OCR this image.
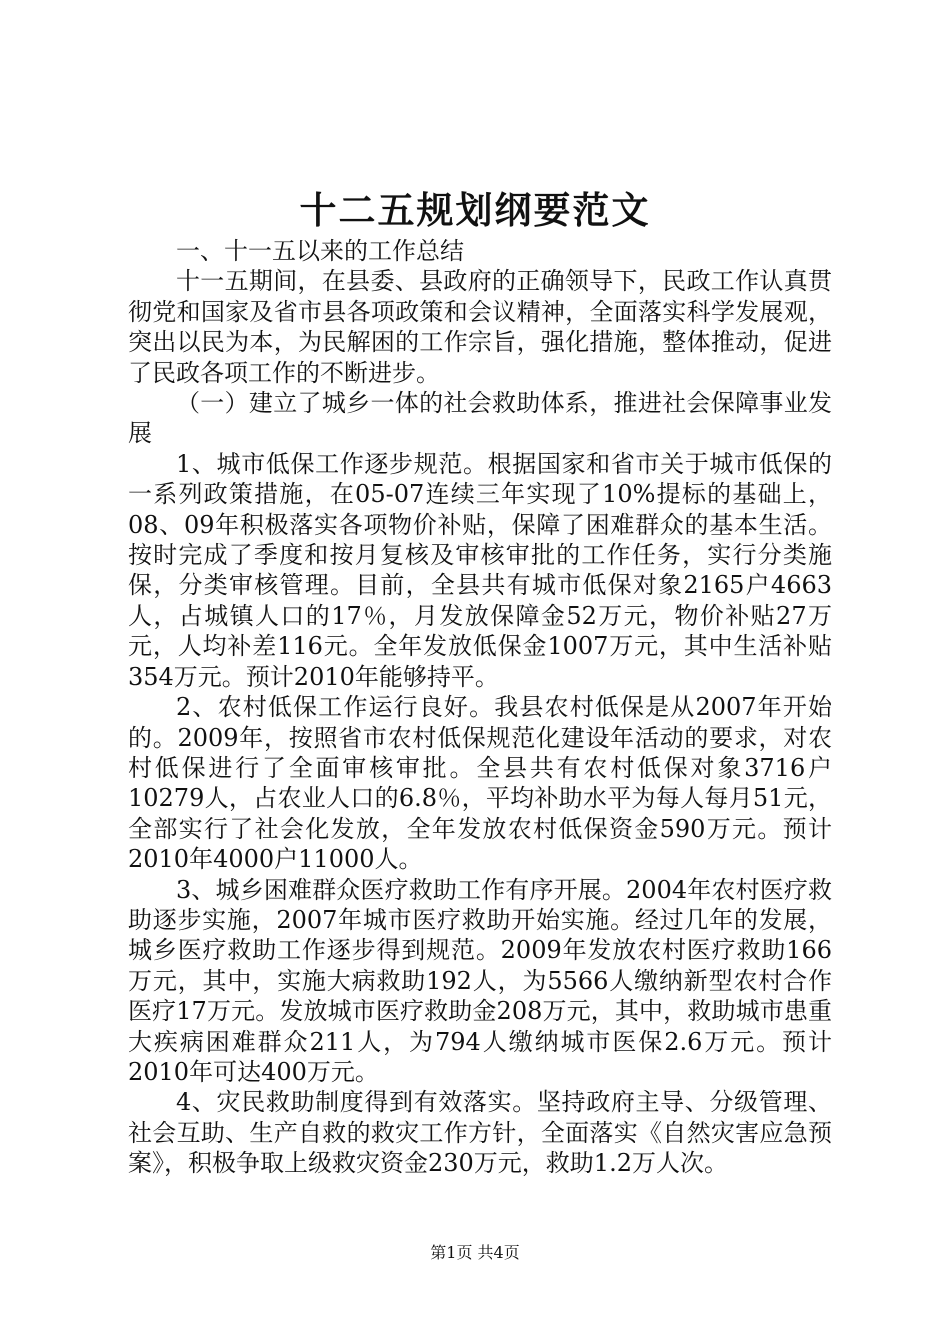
十二五规划纲要范文

一、十一五以来的工作总结

十一五期间，在县委、县政府的正确领导下，民政工作认真贯彻党和国家及省市县各项政策和会议精神，全面落实科学发展观，突出以民为本，为民解困的工作宗旨，强化措施，整体推动，促进了民政各项工作的不断进步。

（一）建立了城乡一体的社会救助体系，推进社会保障事业发展

1、城市低保工作逐步规范。根据国家和省市关于城市低保的一系列政策措施，在05-07连续三年实现了10%提标的基础上，08、09年积极落实各项物价补贴，保障了困难群众的基本生活。按时完成了季度和按月复核及审核审批的工作任务，实行分类施保，分类审核管理。目前，全县共有城市低保对象2165户4663人，占城镇人口的17％，月发放保障金52万元，物价补贴27万元，人均补差116元。全年发放低保金1007万元，其中生活补贴354万元。预计2010年能够持平。

2、农村低保工作运行良好。我县农村低保是从2007年开始的。2009年，按照省市农村低保规范化建设年活动的要求，对农村低保进行了全面审核审批。全县共有农村低保对象3716户10279人，占农业人口的6.8％，平均补助水平为每人每月51元，全部实行了社会化发放，全年发放农村低保资金590万元。预计2010年4000户11000人。

3、城乡困难群众医疗救助工作有序开展。2004年农村医疗救助逐步实施，2007年城市医疗救助开始实施。经过几年的发展，城乡医疗救助工作逐步得到规范。2009年发放农村医疗救助166万元，其中，实施大病救助192人，为5566人缴纳新型农村合作医疗17万元。发放城市医疗救助金208万元，其中，救助城市患重大疾病困难群众211人，为794人缴纳城市医保2.6万元。预计2010年可达400万元。

4、灾民救助制度得到有效落实。坚持政府主导、分级管理、社会互助、生产自救的救灾工作方针，全面落实《自然灾害应急预案》，积极争取上级救灾资金230万元，救助1.2万人次。

第1页 共4页
